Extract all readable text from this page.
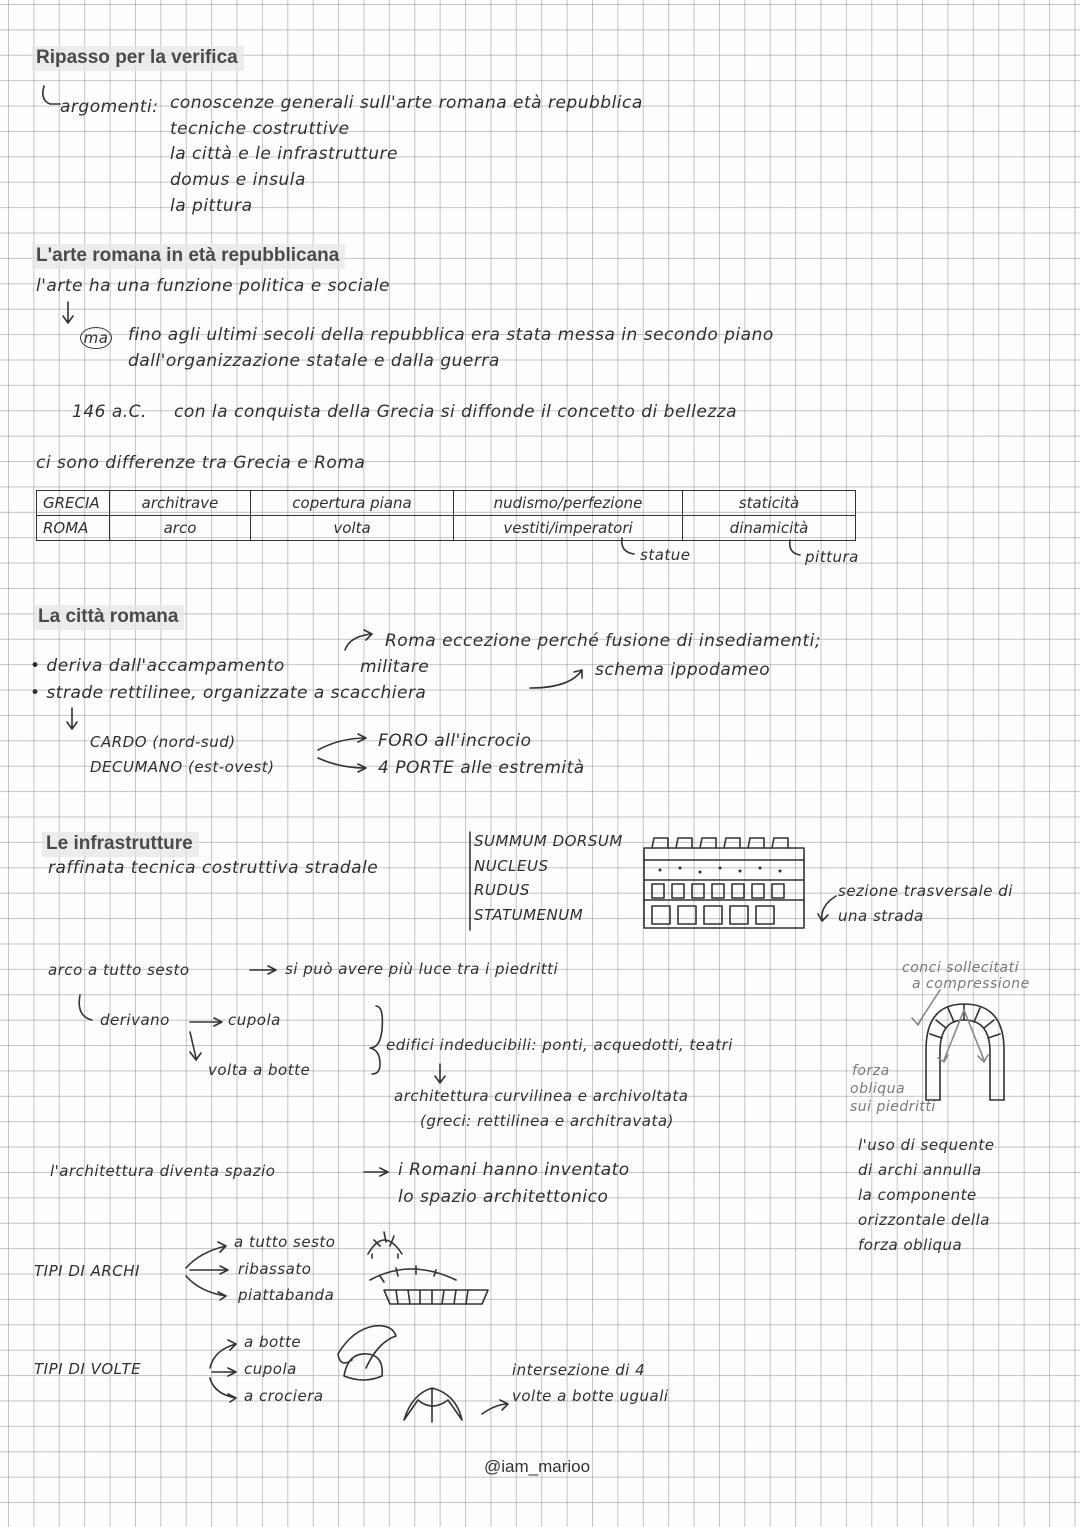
Ripasso per la verifica
argomenti: conoscenze generali sull'arte romana età repubblica
tecniche costruttive
la città e le infrastrutture
domus e insula
la pittura
L'arte romana in età repubblicana
l'arte ha una funzione politica e sociale
ma fino agli ultimi secoli della repubblica era stata messa in secondo piano
dall'organizzazione statale e dalla guerra
146 a.C. con la conquista della Grecia si diffonde il concetto di bellezza
ci sono differenze tra Grecia e Roma
GRECIA	architrave	copertura piana	nudismo/perfezione	staticità
ROMA	arco	volta	vestiti/imperatori	dinamicità
statue	pittura
La città romana
Roma eccezione perché fusione di insediamenti;
• deriva dall'accampamento	militare	schema ippodameo
• strade rettilinee, organizzate a scacchiera
CARDO (nord-sud)
DECUMANO (est-ovest)
FORO all'incrocio
4 PORTE alle estremità
Le infrastrutture
raffinata tecnica costruttiva stradale
SUMMUM DORSUM
NUCLEUS
RUDUS
STATUMENUM
sezione trasversale di
una strada
arco a tutto sesto	si può avere più luce tra i piedritti
derivano	cupola
volta a botte
edifici indeducibili: ponti, acquedotti, teatri
architettura curvilinea e archivoltata
(greci: rettilinea e architravata)
conci sollecitati
a compressione
forza
obliqua
sui piedritti
l'uso di sequente
di archi annulla
la componente
orizzontale della
forza obliqua
l'architettura diventa spazio	i Romani hanno inventato
lo spazio architettonico
TIPI DI ARCHI
a tutto sesto
ribassato
piattabanda
TIPI DI VOLTE
a botte
cupola
a crociera
intersezione di 4
volte a botte uguali
@iam_marioo
